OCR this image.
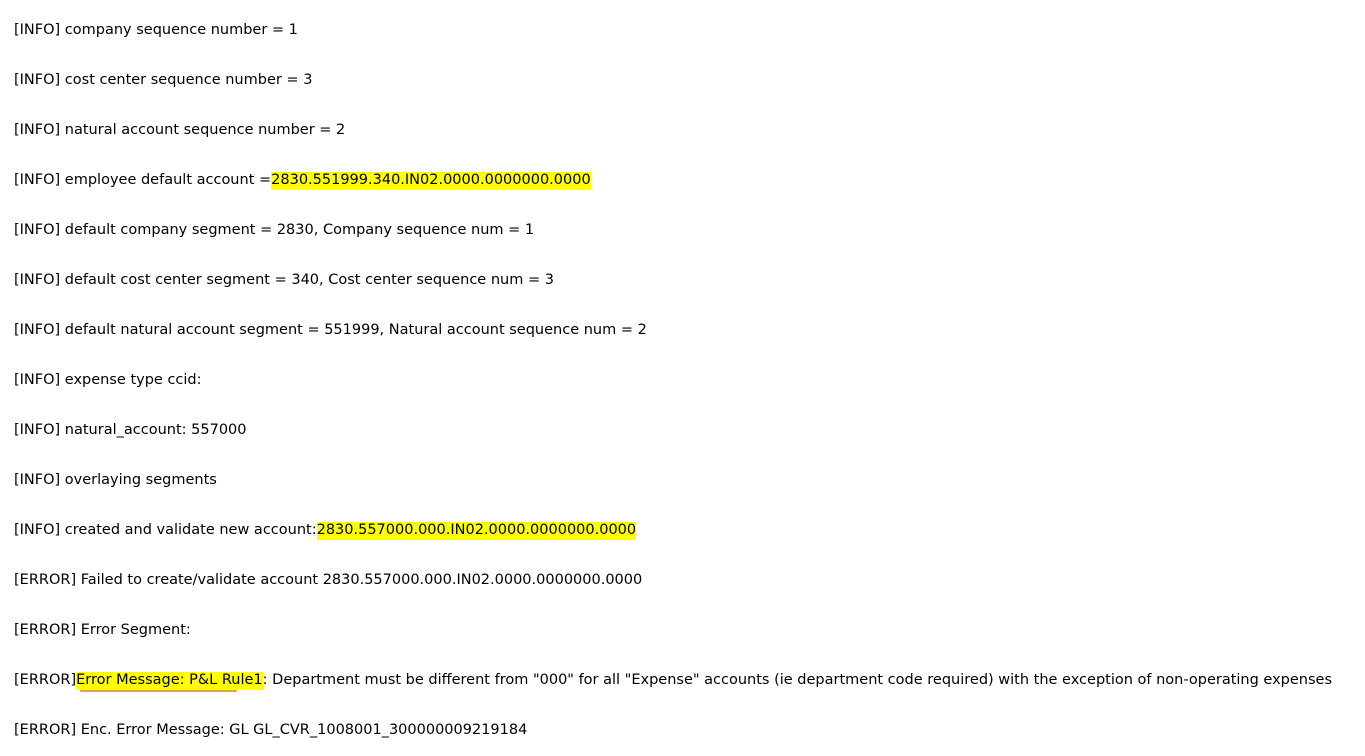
[INFO] company sequence number = 1
[INFO] cost center sequence number = 3
[INFO] natural account sequence number = 2
[INFO] employee default account = 2830.551999.340.IN02.0000.0000000.0000
[INFO] default company segment = 2830, Company sequence num = 1
[INFO] default cost center segment = 340, Cost center sequence num = 3
[INFO] default natural account segment = 551999, Natural account sequence num = 2
[INFO] expense type ccid:
[INFO] natural_account: 557000
[INFO] overlaying segments
[INFO] created and validate new account: 2830.557000.000.IN02.0000.0000000.0000
[ERROR] Failed to create/validate account 2830.557000.000.IN02.0000.0000000.0000
[ERROR] Error Segment:
[ERROR] Error Message: P&L Rule1 : Department must be different from "000" for all "Expense" accounts (ie department code required) with the exception of non-operating expenses
[ERROR] Enc. Error Message: GL GL_CVR_1008001_300000009219184
